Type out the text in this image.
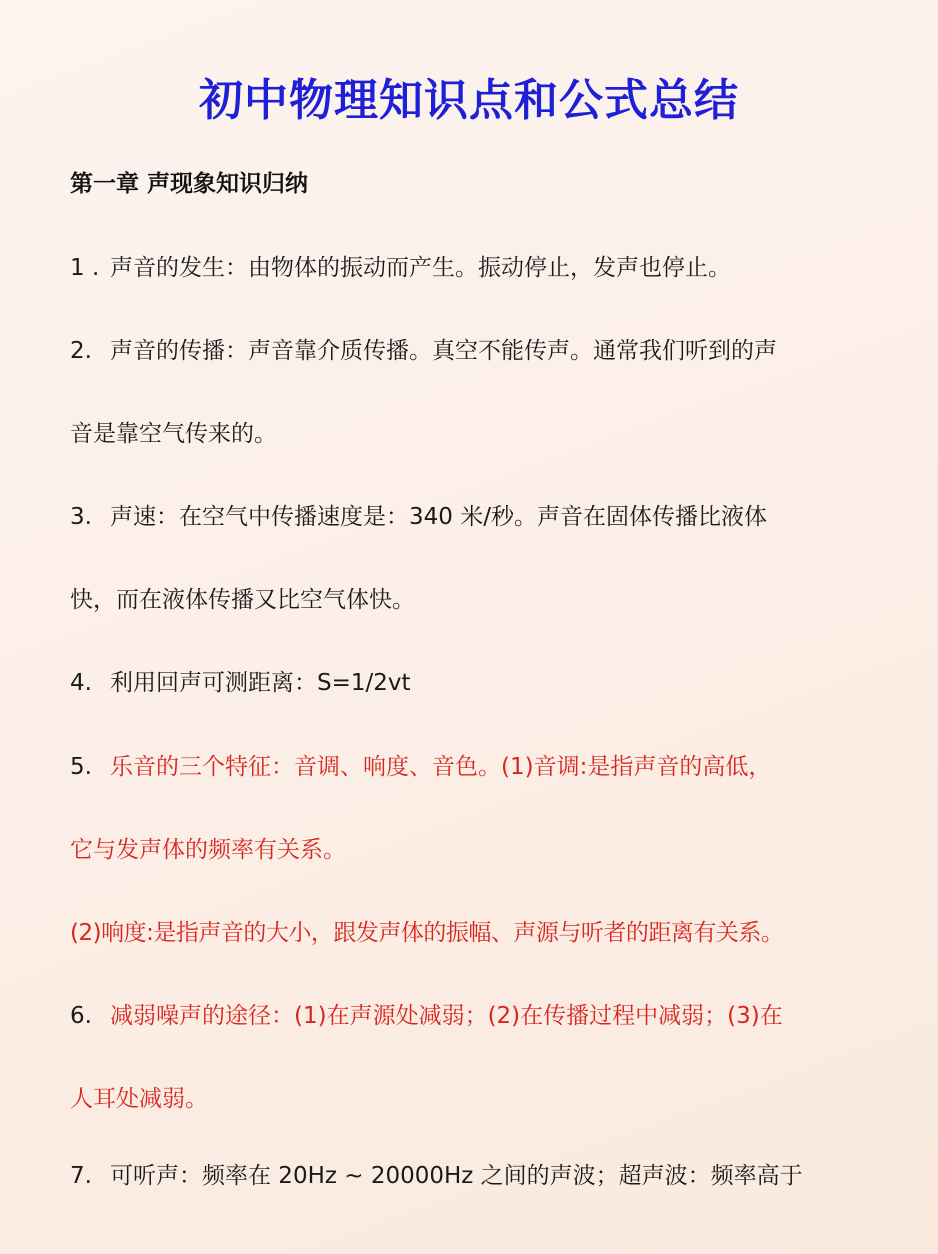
初中物理知识点和公式总结
第一章 声现象知识归纳

1 . 声音的发生：由物体的振动而产生。振动停止，发声也停止。

2. 声音的传播：声音靠介质传播。真空不能传声。通常我们听到的声

音是靠空气传来的。

3. 声速：在空气中传播速度是：340 米/秒。声音在固体传播比液体

快，而在液体传播又比空气体快。

4. 利用回声可测距离：S=1/2vt

5. 乐音的三个特征：音调、响度、音色。(1)音调:是指声音的高低，

它与发声体的频率有关系。

(2)响度:是指声音的大小，跟发声体的振幅、声源与听者的距离有关系。

6. 减弱噪声的途径：(1)在声源处减弱；(2)在传播过程中减弱；(3)在

人耳处减弱。

7. 可听声：频率在 20Hz ~ 20000Hz 之间的声波；超声波：频率高于
